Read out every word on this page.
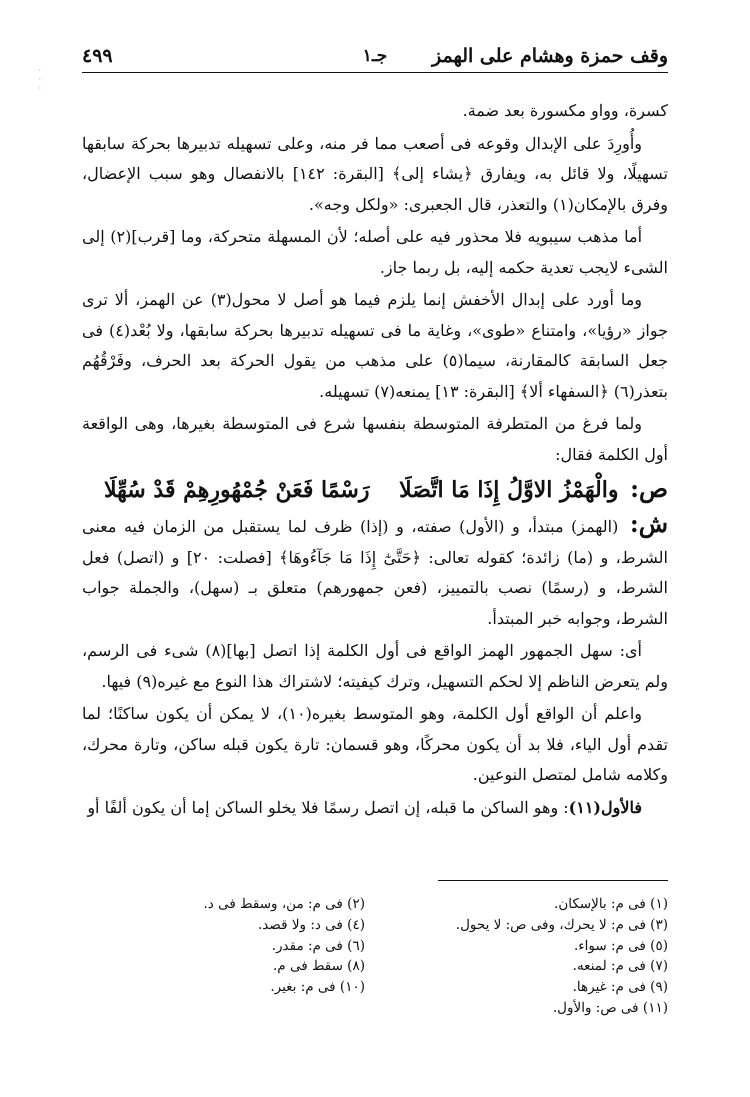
·
·
·
وقف حمزة وهشام على الهمز
جـ١
٤٩٩

كسرة، وواو مكسورة بعد ضمة.

وأُورِدَ على الإبدال وقوعه فى أصعب مما فر منه، وعلى تسهيله تدبيرها بحركة سابقها تسهيلًا، ولا قائل به، ويفارق ﴿يشاء إلى﴾ [البقرة: ١٤٢] بالانفصال وهو سبب الإعضال، وفرق بالإمكان(١) والتعذر، قال الجعبرى: «ولكل وجه».

أما مذهب سيبويه فلا محذور فيه على أصله؛ لأن المسهلة متحركة، وما [قرب](٢) إلى الشىء لايجب تعدية حكمه إليه، بل ربما جاز.

وما أورد على إبدال الأخفش إنما يلزم فيما هو أصل لا محول(٣) عن الهمز، ألا ترى جواز «رؤيا»، وامتناع «طوى»، وغاية ما فى تسهيله تدبيرها بحركة سابقها، ولا بُعْد(٤) فى جعل السابقة كالمقارنة، سيما(٥) على مذهب من يقول الحركة بعد الحرف، وفَرْقُهُم بتعذر(٦) ﴿السفهاء ألا﴾ [البقرة: ١٣] يمنعه(٧) تسهيله.

ولما فرغ من المتطرفة المتوسطة بنفسها شرع فى المتوسطة بغيرها، وهى الواقعة أول الكلمة فقال:

ص: والْهَمْزُ الاوَّلُ إِذَا مَا اتَّصَلَا رَسْمًا فَعَنْ جُمْهُورِهِمْ قَدْ سُهِّلَا

ش: (الهمز) مبتدأ، و (الأول) صفته، و (إذا) ظرف لما يستقبل من الزمان فيه معنى الشرط، و (ما) زائدة؛ كقوله تعالى: ﴿حَتَّىٰٓ إِذَا مَا جَآءُوهَا﴾ [فصلت: ٢٠] و (اتصل) فعل الشرط، و (رسمًا) نصب بالتمييز، (فعن جمهورهم) متعلق بـ (سهل)، والجملة جواب الشرط، وجوابه خبر المبتدأ.

أى: سهل الجمهور الهمز الواقع فى أول الكلمة إذا اتصل [بها](٨) شىء فى الرسم، ولم يتعرض الناظم إلا لحكم التسهيل، وترك كيفيته؛ لاشتراك هذا النوع مع غيره(٩) فيها.

واعلم أن الواقع أول الكلمة، وهو المتوسط بغيره(١٠)، لا يمكن أن يكون ساكنًا؛ لما تقدم أول الياء، فلا بد أن يكون محركًا، وهو قسمان: تارة يكون قبله ساكن، وتارة محرك، وكلامه شامل لمتصل النوعين.

فالأول(١١): وهو الساكن ما قبله، إن اتصل رسمًا فلا يخلو الساكن إما أن يكون ألفًا أو

(١) فى م: بالإسكان.
(٢) فى م: من، وسقط فى د.
(٣) فى م: لا يحرك، وفى ص: لا يحول.
(٤) فى د: ولا قصد.
(٥) فى م: سواء.
(٦) فى م: مقدر.
(٧) فى م: لمنعه.
(٨) سقط فى م.
(٩) فى م: غيرها.
(١٠) فى م: بغير.
(١١) فى ص: والأول.
